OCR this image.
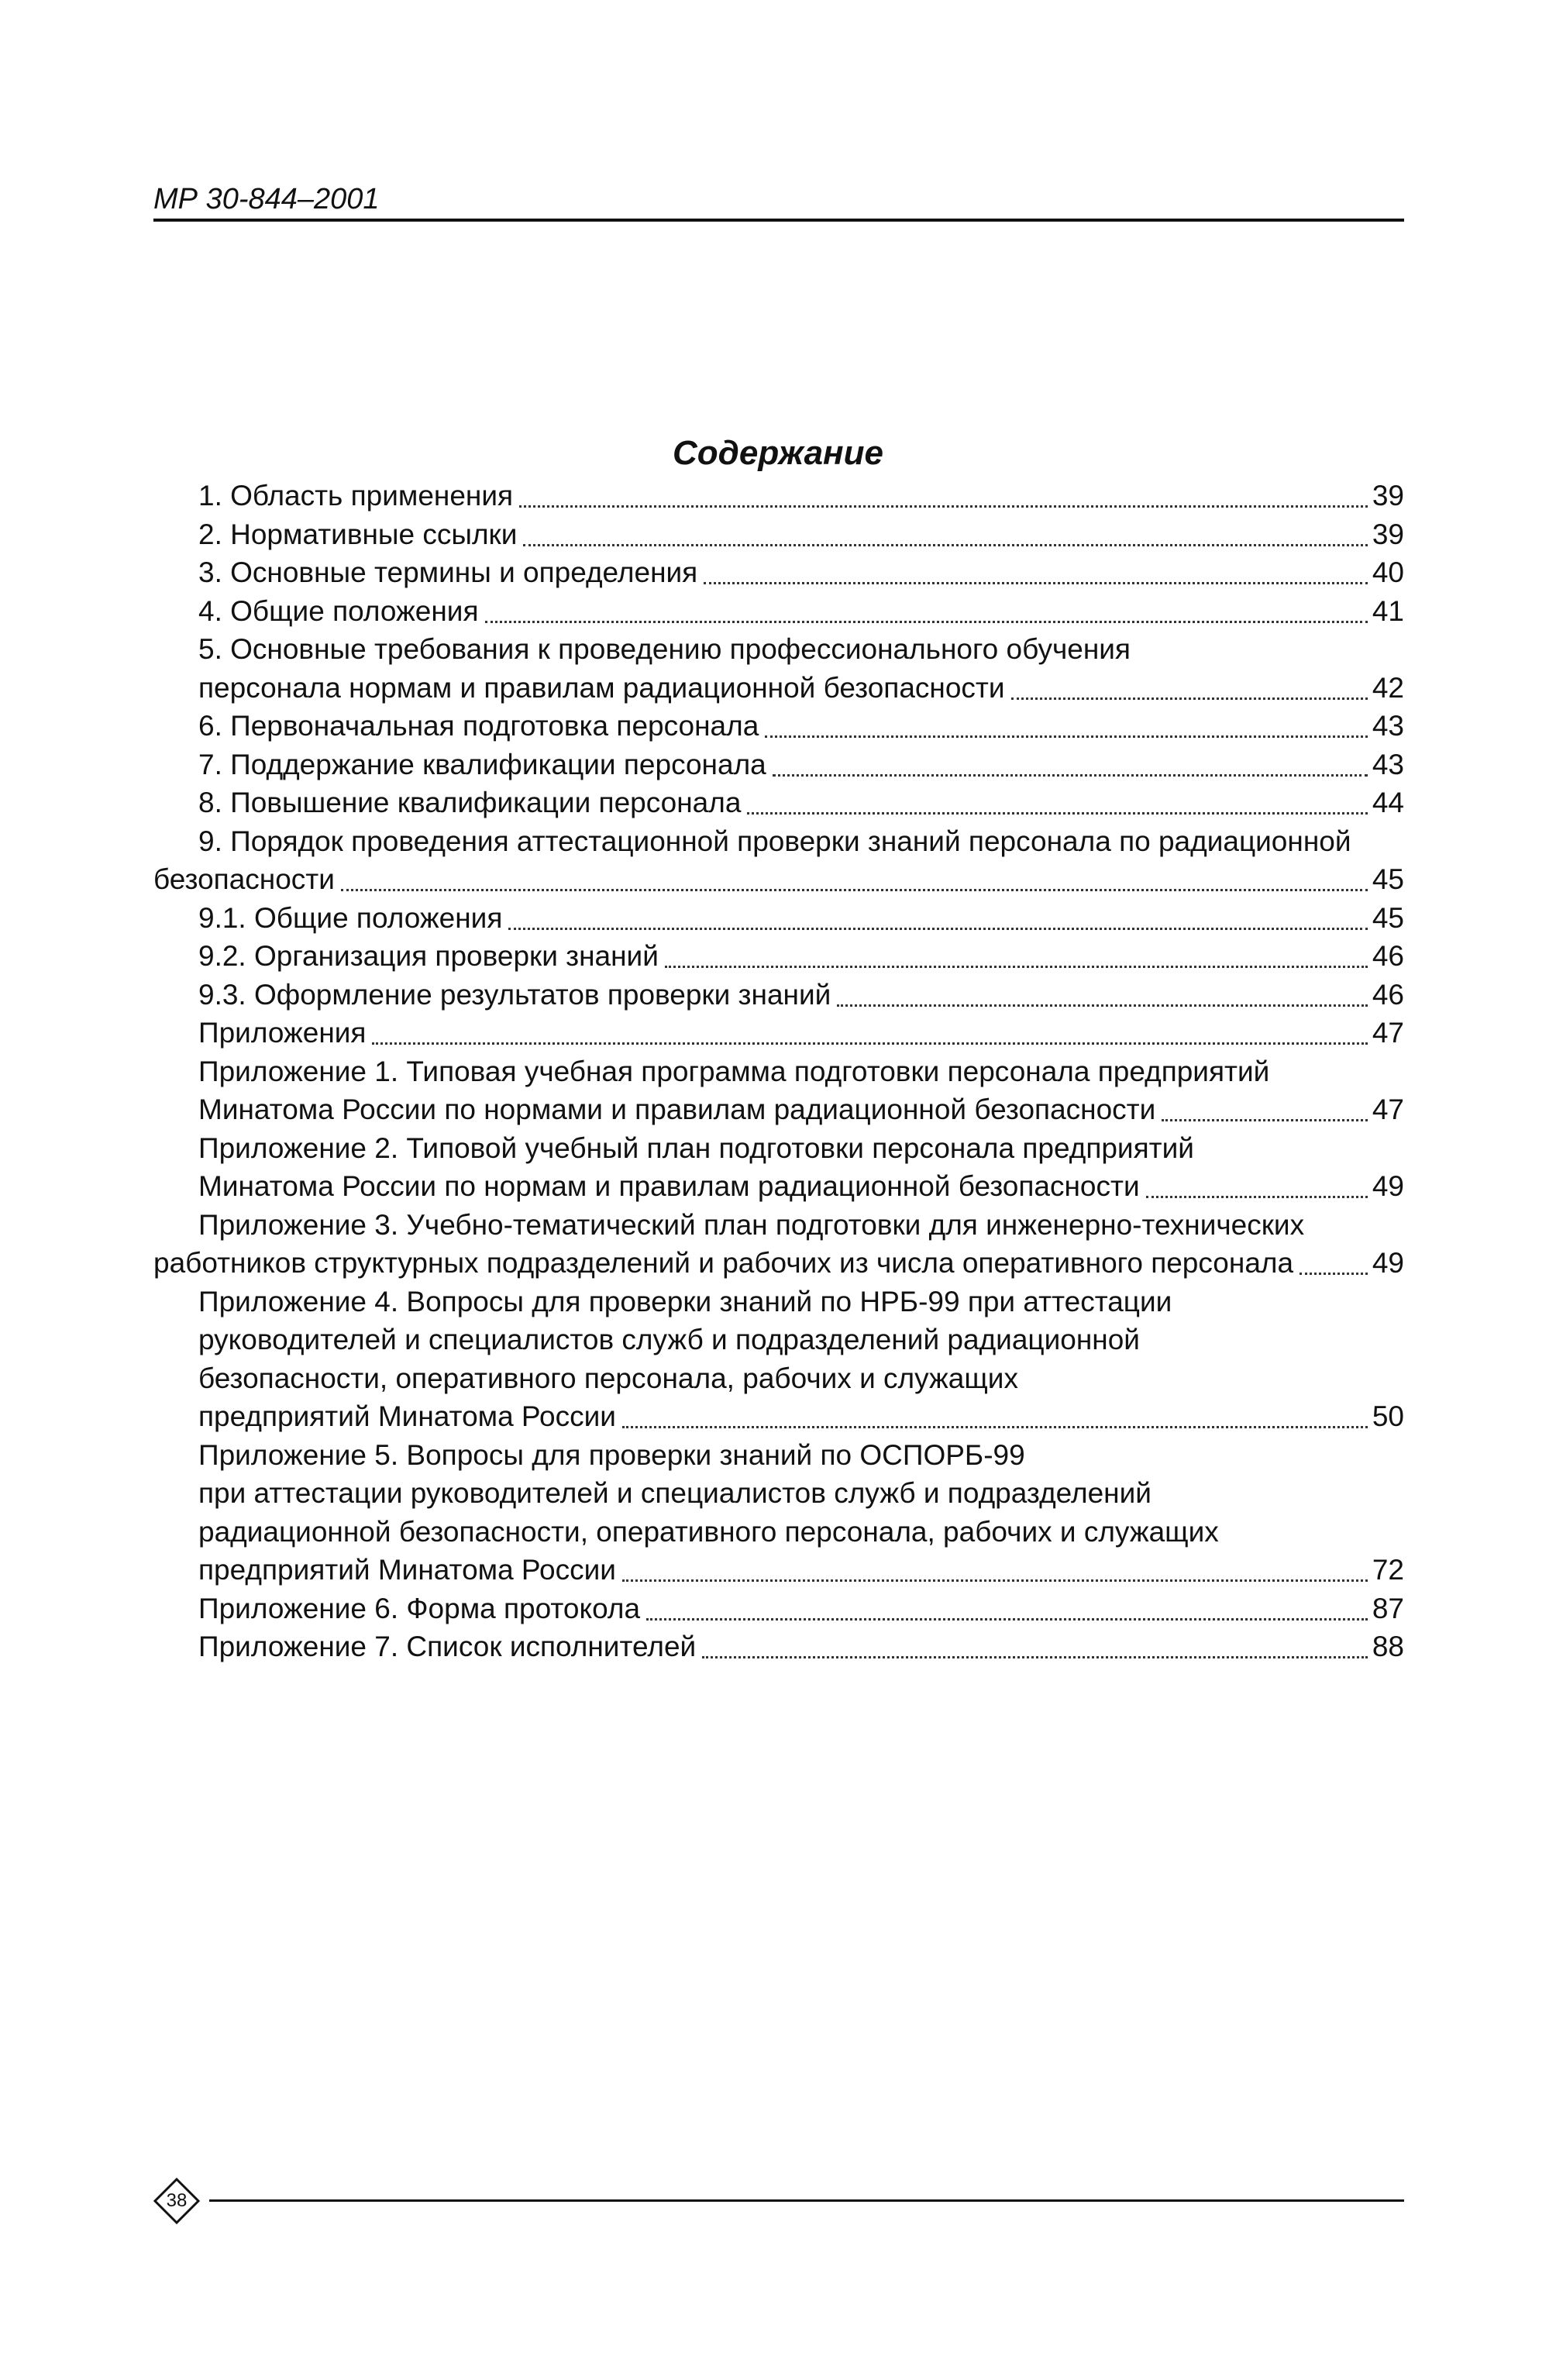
МР 30-844–2001
Содержание
1. Область применения	39
2. Нормативные ссылки	39
3. Основные термины и определения	40
4. Общие положения	41
5. Основные требования к проведению профессионального обучения
персонала нормам и правилам радиационной безопасности	42
6. Первоначальная подготовка персонала	43
7. Поддержание квалификации персонала	43
8. Повышение квалификации персонала	44
9. Порядок проведения аттестационной проверки знаний персонала по радиационной
безопасности	45
9.1. Общие положения	45
9.2. Организация проверки знаний	46
9.3. Оформление результатов проверки знаний	46
Приложения	47
Приложение 1. Типовая учебная программа подготовки персонала предприятий
Минатома России по нормами и правилам радиационной безопасности	47
Приложение 2. Типовой учебный план подготовки персонала предприятий
Минатома России по нормам и правилам радиационной безопасности	49
Приложение 3. Учебно-тематический план подготовки для инженерно-технических
работников структурных подразделений и рабочих из числа оперативного персонала	49
Приложение 4. Вопросы для проверки знаний по НРБ-99 при аттестации
руководителей и специалистов служб и подразделений радиационной
безопасности, оперативного персонала, рабочих и служащих
предприятий Минатома России	50
Приложение 5. Вопросы для проверки знаний по ОСПОРБ-99
при аттестации руководителей и специалистов служб и подразделений
радиационной безопасности, оперативного персонала, рабочих и служащих
предприятий Минатома России	72
Приложение 6. Форма протокола	87
Приложение 7. Список исполнителей	88
38
